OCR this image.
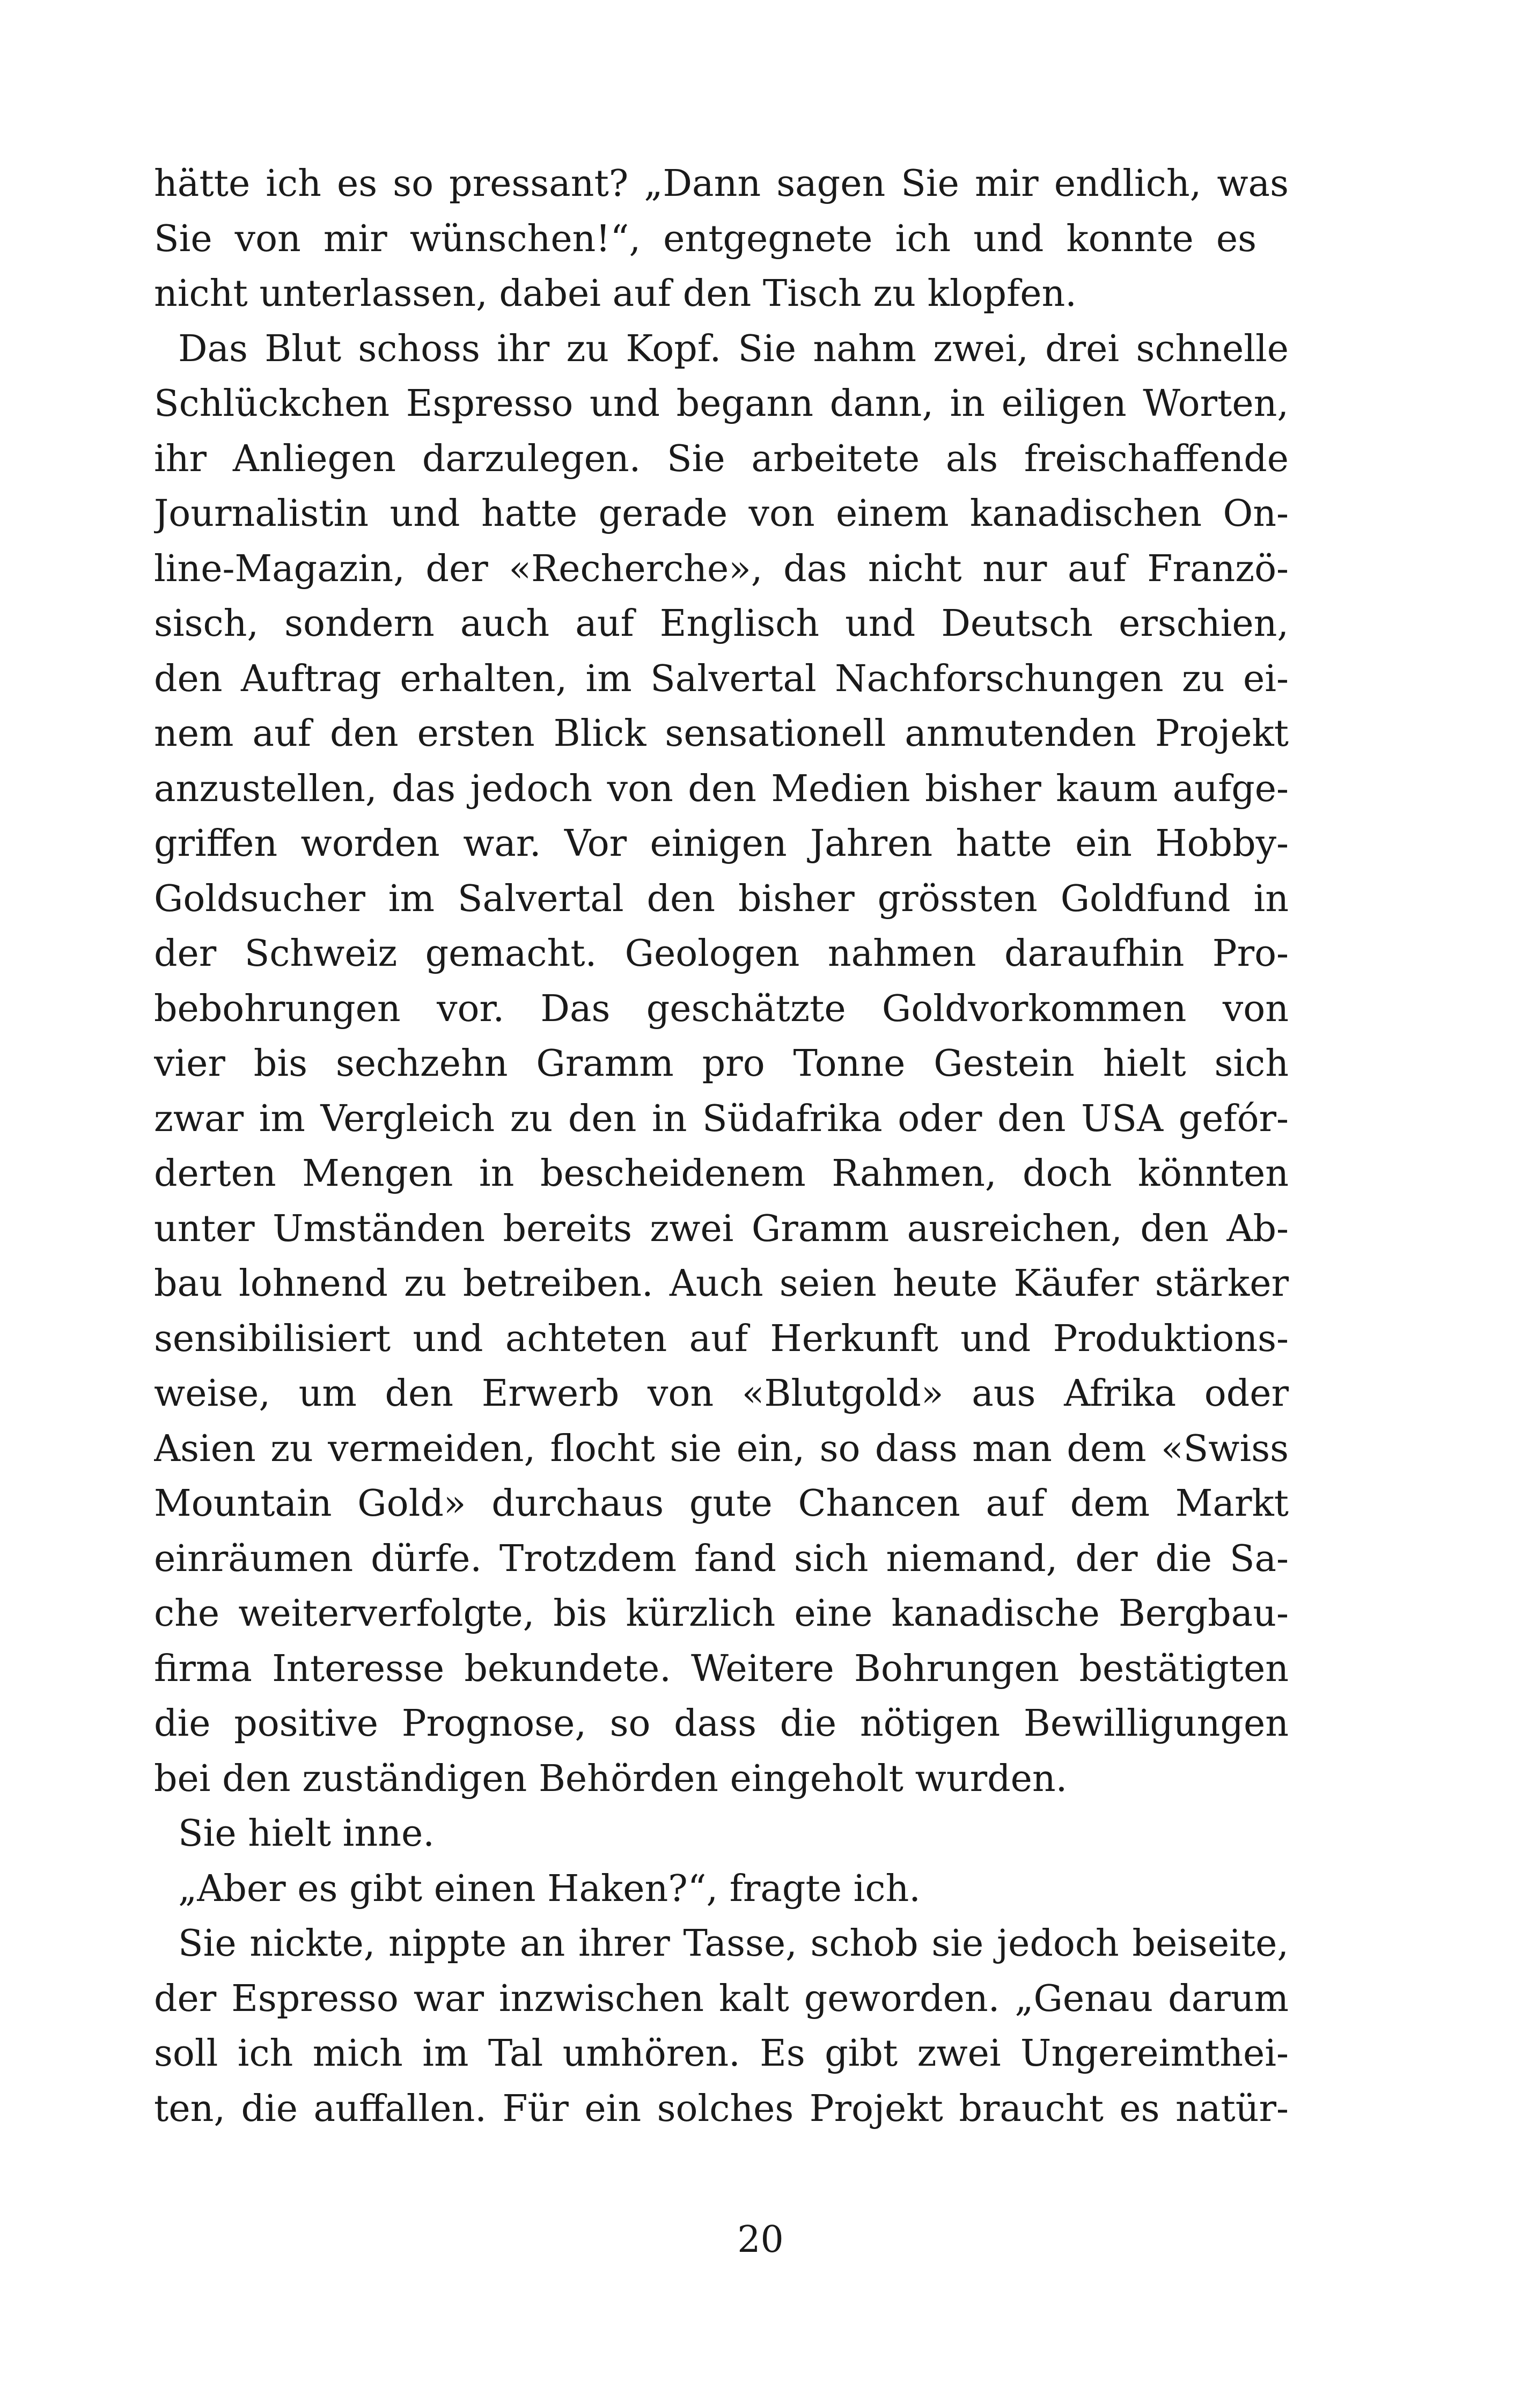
hätte ich es so pressant? „Dann sagen Sie mir endlich, was
Sie von mir wünschen!“, entgegnete ich und konnte es
nicht unterlassen, dabei auf den Tisch zu klopfen.
Das Blut schoss ihr zu Kopf. Sie nahm zwei, drei schnelle
Schlückchen Espresso und begann dann, in eiligen Worten,
ihr Anliegen darzulegen. Sie arbeitete als freischaffende
Journalistin und hatte gerade von einem kanadischen On-
line-Magazin, der «Recherche», das nicht nur auf Franzö-
sisch, sondern auch auf Englisch und Deutsch erschien,
den Auftrag erhalten, im Salvertal Nachforschungen zu ei-
nem auf den ersten Blick sensationell anmutenden Projekt
anzustellen, das jedoch von den Medien bisher kaum aufge-
griffen worden war. Vor einigen Jahren hatte ein Hobby-
Goldsucher im Salvertal den bisher grössten Goldfund in
der Schweiz gemacht. Geologen nahmen daraufhin Pro-
bebohrungen vor. Das geschätzte Goldvorkommen von
vier bis sechzehn Gramm pro Tonne Gestein hielt sich
zwar im Vergleich zu den in Südafrika oder den USA gefór-
derten Mengen in bescheidenem Rahmen, doch könnten
unter Umständen bereits zwei Gramm ausreichen, den Ab-
bau lohnend zu betreiben. Auch seien heute Käufer stärker
sensibilisiert und achteten auf Herkunft und Produktions-
weise, um den Erwerb von «Blutgold» aus Afrika oder
Asien zu vermeiden, flocht sie ein, so dass man dem «Swiss
Mountain Gold» durchaus gute Chancen auf dem Markt
einräumen dürfe. Trotzdem fand sich niemand, der die Sa-
che weiterverfolgte, bis kürzlich eine kanadische Bergbau-
firma Interesse bekundete. Weitere Bohrungen bestätigten
die positive Prognose, so dass die nötigen Bewilligungen
bei den zuständigen Behörden eingeholt wurden.
Sie hielt inne.
„Aber es gibt einen Haken?“, fragte ich.
Sie nickte, nippte an ihrer Tasse, schob sie jedoch beiseite,
der Espresso war inzwischen kalt geworden. „Genau darum
soll ich mich im Tal umhören. Es gibt zwei Ungereimthei-
ten, die auffallen. Für ein solches Projekt braucht es natür-
20
